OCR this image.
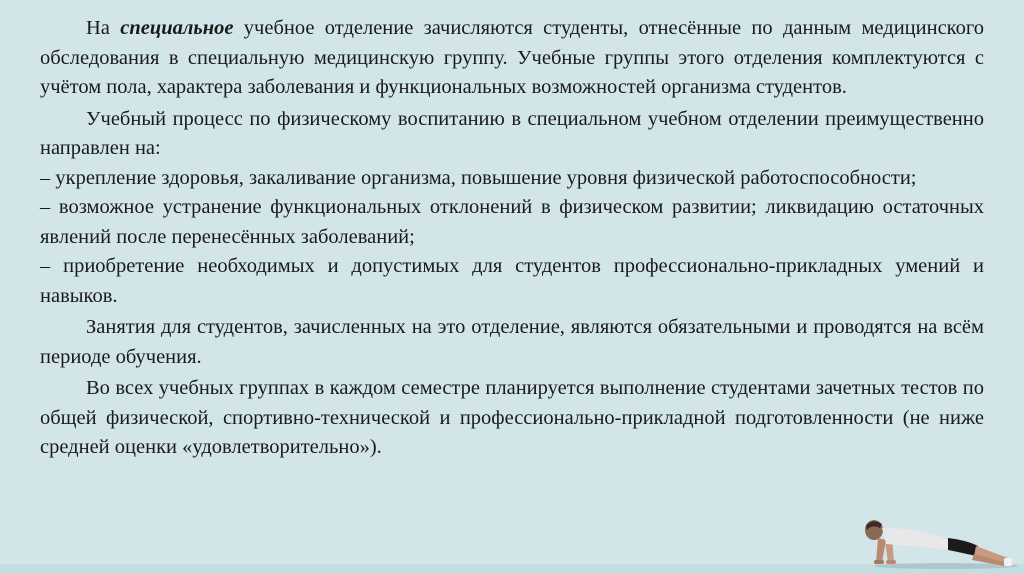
На специальное учебное отделение зачисляются студенты, отнесённые по данным медицинского обследования в специальную медицинскую группу. Учебные группы этого отделения комплектуются с учётом пола, характера заболевания и функциональных возможностей организма студентов.

Учебный процесс по физическому воспитанию в специальном учебном отделении преимущественно направлен на:

– укрепление здоровья, закаливание организма, повышение уровня физической работоспособности;

– возможное устранение функциональных отклонений в физическом развитии; ликвидацию остаточных явлений после перенесённых заболеваний;

– приобретение необходимых и допустимых для студентов профессионально-прикладных умений и навыков.

Занятия для студентов, зачисленных на это отделение, являются обязательными и проводятся на всём периоде обучения.

Во всех учебных группах в каждом семестре планируется выполнение студентами зачетных тестов по общей физической, спортивно-технической и профессионально-прикладной подготовленности (не ниже средней оценки «удовлетворительно»).
